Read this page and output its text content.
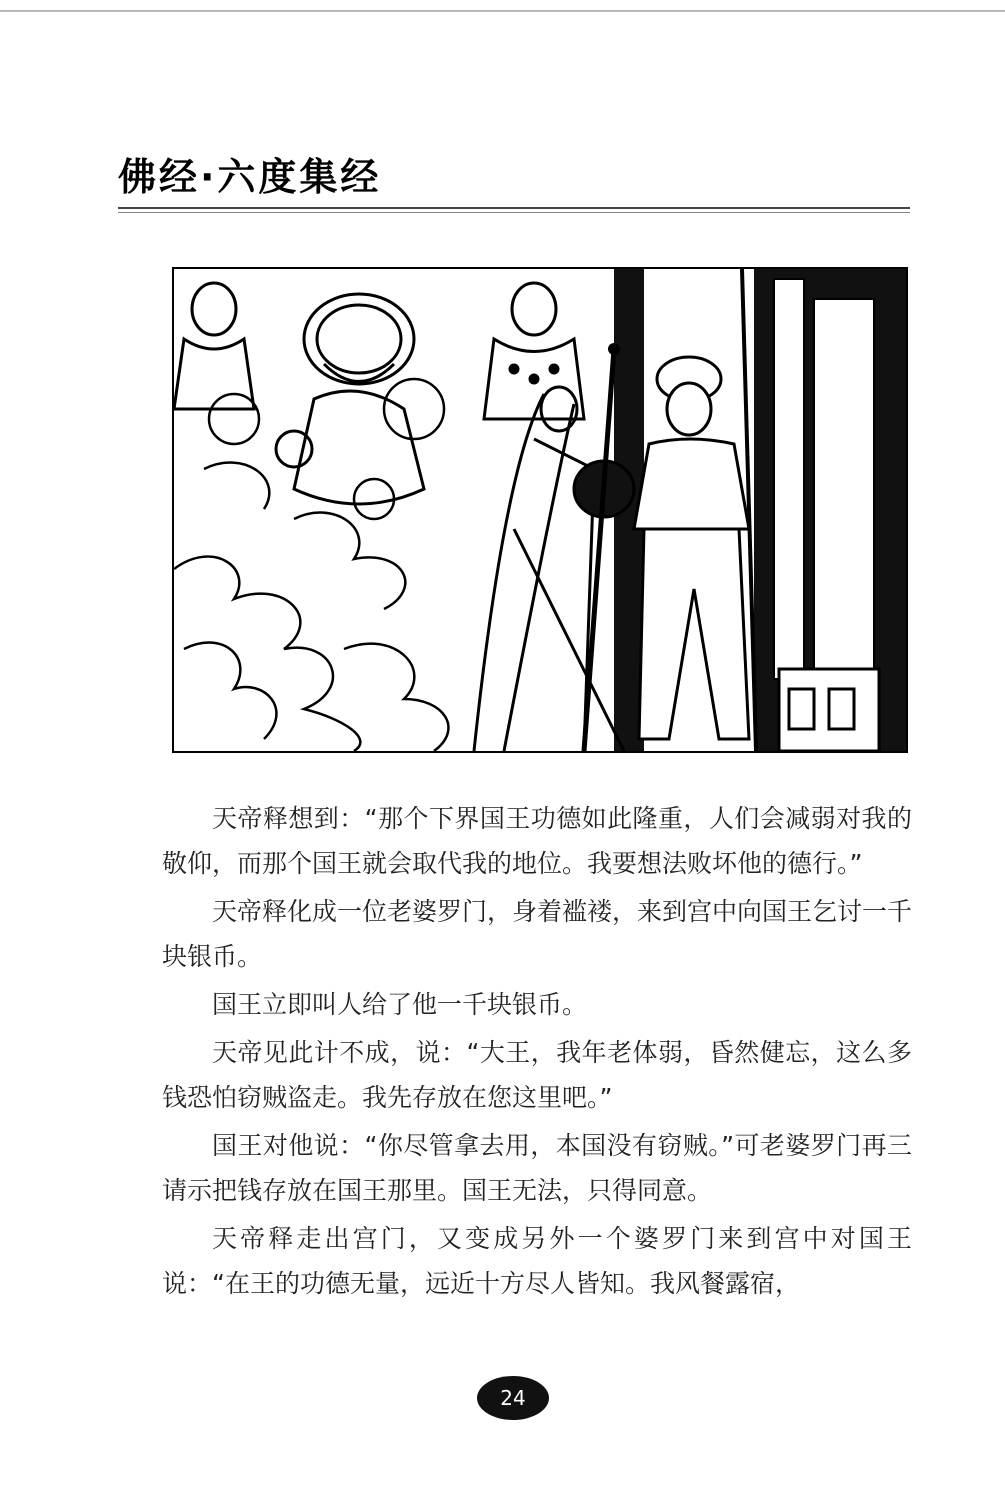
佛经·六度集经

天帝释想到：“那个下界国王功德如此隆重，人们会减弱对我的敬仰，而那个国王就会取代我的地位。我要想法败坏他的德行。”

天帝释化成一位老婆罗门，身着褴褛，来到宫中向国王乞讨一千块银币。

国王立即叫人给了他一千块银币。

天帝见此计不成，说：“大王，我年老体弱，昏然健忘，这么多钱恐怕窃贼盗走。我先存放在您这里吧。”

国王对他说：“你尽管拿去用，本国没有窃贼。”可老婆罗门再三请示把钱存放在国王那里。国王无法，只得同意。

天帝释走出宫门，又变成另外一个婆罗门来到宫中对国王说：“在王的功德无量，远近十方尽人皆知。我风餐露宿，

24
